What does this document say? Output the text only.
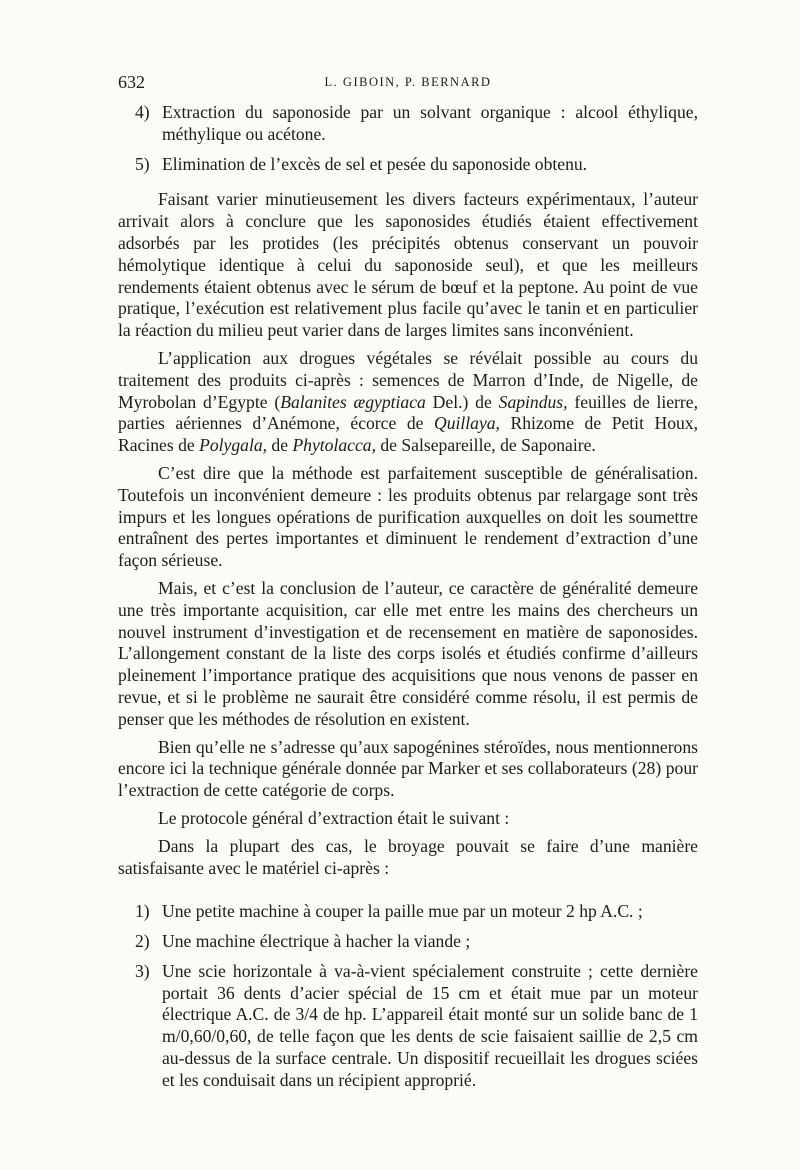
632	L. GIBOIN, P. BERNARD
4) Extraction du saponoside par un solvant organique : alcool éthylique, méthylique ou acétone.
5) Elimination de l’excès de sel et pesée du saponoside obtenu.

Faisant varier minutieusement les divers facteurs expérimentaux, l’auteur arrivait alors à conclure que les saponosides étudiés étaient effectivement adsorbés par les protides (les précipités obtenus conservant un pouvoir hémolytique identique à celui du saponoside seul), et que les meilleurs rendements étaient obtenus avec le sérum de bœuf et la peptone. Au point de vue pratique, l’exécution est relativement plus facile qu’avec le tanin et en particulier la réaction du milieu peut varier dans de larges limites sans inconvénient.

L’application aux drogues végétales se révélait possible au cours du traitement des produits ci-après : semences de Marron d’Inde, de Nigelle, de Myrobolan d’Egypte (Balanites ægyptiaca Del.) de Sapindus, feuilles de lierre, parties aériennes d’Anémone, écorce de Quillaya, Rhizome de Petit Houx, Racines de Polygala, de Phytolacca, de Salsepareille, de Saponaire.

C’est dire que la méthode est parfaitement susceptible de généralisation. Toutefois un inconvénient demeure : les produits obtenus par relargage sont très impurs et les longues opérations de purification auxquelles on doit les soumettre entraînent des pertes importantes et diminuent le rendement d’extraction d’une façon sérieuse.

Mais, et c’est la conclusion de l’auteur, ce caractère de généralité demeure une très importante acquisition, car elle met entre les mains des chercheurs un nouvel instrument d’investigation et de recensement en matière de saponosides. L’allongement constant de la liste des corps isolés et étudiés confirme d’ailleurs pleinement l’importance pratique des acquisitions que nous venons de passer en revue, et si le problème ne saurait être considéré comme résolu, il est permis de penser que les méthodes de résolution en existent.

Bien qu’elle ne s’adresse qu’aux sapogénines stéroïdes, nous mentionnerons encore ici la technique générale donnée par Marker et ses collaborateurs (28) pour l’extraction de cette catégorie de corps.

Le protocole général d’extraction était le suivant :

Dans la plupart des cas, le broyage pouvait se faire d’une manière satisfaisante avec le matériel ci-après :

1) Une petite machine à couper la paille mue par un moteur 2 hp A.C. ;
2) Une machine électrique à hacher la viande ;
3) Une scie horizontale à va-à-vient spécialement construite ; cette dernière portait 36 dents d’acier spécial de 15 cm et était mue par un moteur électrique A.C. de 3/4 de hp. L’appareil était monté sur un solide banc de 1 m/0,60/0,60, de telle façon que les dents de scie faisaient saillie de 2,5 cm au-dessus de la surface centrale. Un dispositif recueillait les drogues sciées et les conduisait dans un récipient approprié.
